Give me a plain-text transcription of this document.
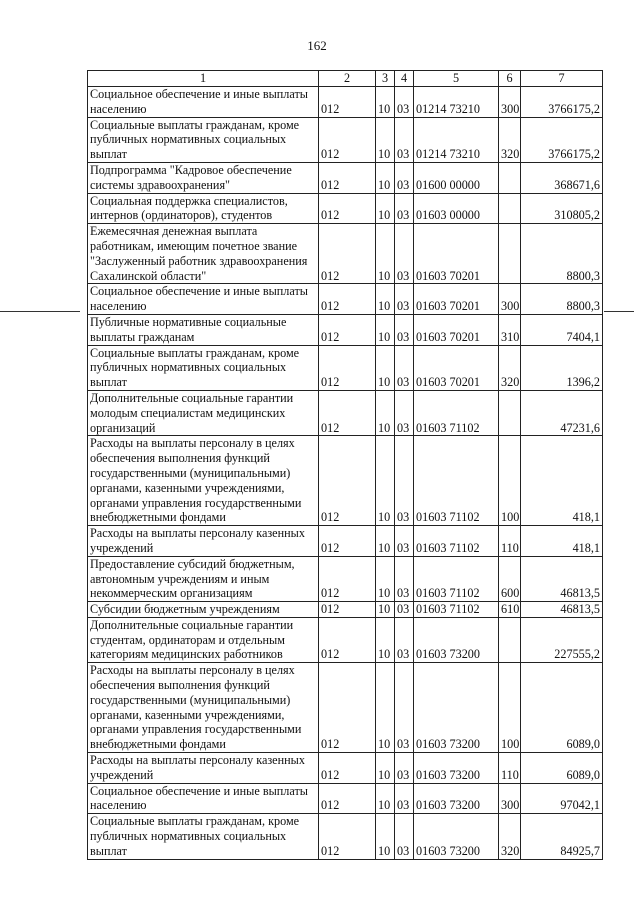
162
1	2	3	4	5	6	7
Социальное обеспечение и иные выплаты населению	012	10	03	01214 73210	300	3766175,2
Социальные выплаты гражданам, кроме публичных нормативных социальных выплат	012	10	03	01214 73210	320	3766175,2
Подпрограмма "Кадровое обеспечение системы здравоохранения"	012	10	03	01600 00000		368671,6
Социальная поддержка специалистов, интернов (ординаторов), студентов	012	10	03	01603 00000		310805,2
Ежемесячная денежная выплата работникам, имеющим почетное звание "Заслуженный работник здравоохранения Сахалинской области"	012	10	03	01603 70201		8800,3
Социальное обеспечение и иные выплаты населению	012	10	03	01603 70201	300	8800,3
Публичные нормативные социальные выплаты гражданам	012	10	03	01603 70201	310	7404,1
Социальные выплаты гражданам, кроме публичных нормативных социальных выплат	012	10	03	01603 70201	320	1396,2
Дополнительные социальные гарантии молодым специалистам медицинских организаций	012	10	03	01603 71102		47231,6
Расходы на выплаты персоналу в целях обеспечения выполнения функций государственными (муниципальными) органами, казенными учреждениями, органами управления государственными внебюджетными фондами	012	10	03	01603 71102	100	418,1
Расходы на выплаты персоналу казенных учреждений	012	10	03	01603 71102	110	418,1
Предоставление субсидий бюджетным, автономным учреждениям и иным некоммерческим организациям	012	10	03	01603 71102	600	46813,5
Субсидии бюджетным учреждениям	012	10	03	01603 71102	610	46813,5
Дополнительные социальные гарантии студентам, ординаторам и отдельным категориям медицинских работников	012	10	03	01603 73200		227555,2
Расходы на выплаты персоналу в целях обеспечения выполнения функций государственными (муниципальными) органами, казенными учреждениями, органами управления государственными внебюджетными фондами	012	10	03	01603 73200	100	6089,0
Расходы на выплаты персоналу казенных учреждений	012	10	03	01603 73200	110	6089,0
Социальное обеспечение и иные выплаты населению	012	10	03	01603 73200	300	97042,1
Социальные выплаты гражданам, кроме публичных нормативных социальных выплат	012	10	03	01603 73200	320	84925,7
